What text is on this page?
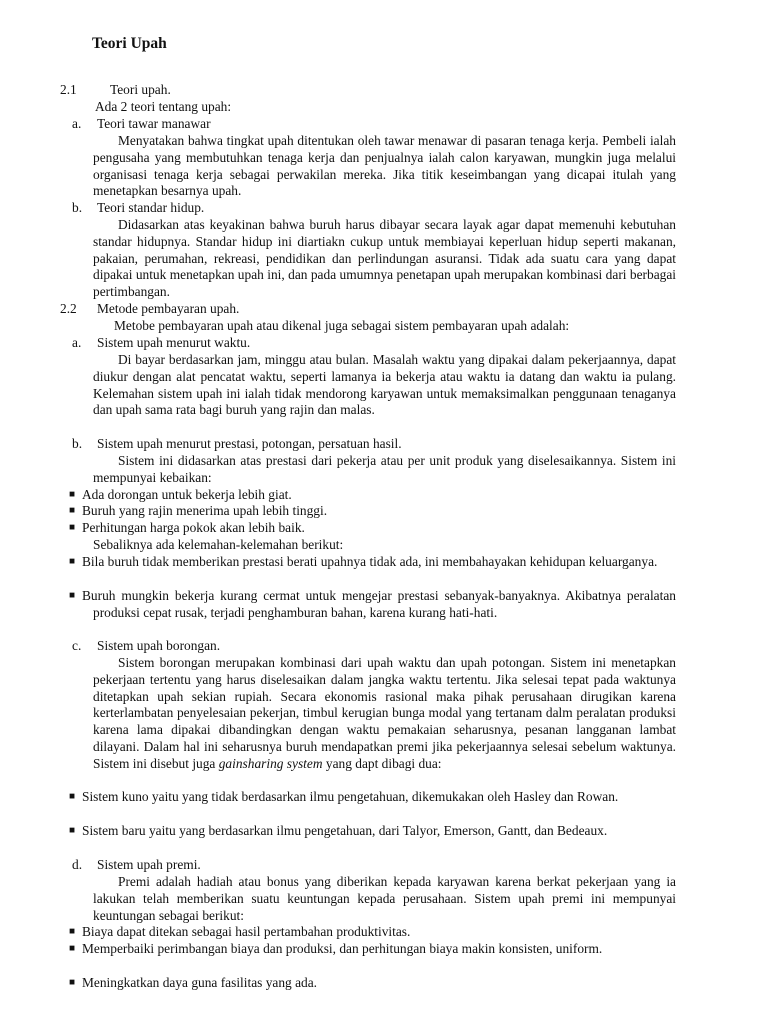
Teori Upah
2.1 Teori upah.
Ada 2 teori tentang upah:
a. Teori tawar manawar
Menyatakan bahwa tingkat upah ditentukan oleh tawar menawar di pasaran tenaga kerja. Pembeli ialah pengusaha yang membutuhkan tenaga kerja dan penjualnya ialah calon karyawan, mungkin juga melalui organisasi tenaga kerja sebagai perwakilan mereka. Jika titik keseimbangan yang dicapai itulah yang menetapkan besarnya upah.
b. Teori standar hidup.
Didasarkan atas keyakinan bahwa buruh harus dibayar secara layak agar dapat memenuhi kebutuhan standar hidupnya. Standar hidup ini diartiakn cukup untuk membiayai keperluan hidup seperti makanan, pakaian, perumahan, rekreasi, pendidikan dan perlindungan asuransi. Tidak ada suatu cara yang dapat dipakai untuk menetapkan upah ini, dan pada umumnya penetapan upah merupakan kombinasi dari berbagai pertimbangan.
2.2 Metode pembayaran upah.
Metobe pembayaran upah atau dikenal juga sebagai sistem pembayaran upah adalah:
a. Sistem upah menurut waktu.
Di bayar berdasarkan jam, minggu atau bulan. Masalah waktu yang dipakai dalam pekerjaannya, dapat diukur dengan alat pencatat waktu, seperti lamanya ia bekerja atau waktu ia datang dan waktu ia pulang. Kelemahan sistem upah ini ialah tidak mendorong karyawan untuk memaksimalkan penggunaan tenaganya dan upah sama rata bagi buruh yang rajin dan malas.
b. Sistem upah menurut prestasi, potongan, persatuan hasil.
Sistem ini didasarkan atas prestasi dari pekerja atau per unit produk yang diselesaikannya. Sistem ini mempunyai kebaikan:
■ Ada dorongan untuk bekerja lebih giat.
■ Buruh yang rajin menerima upah lebih tinggi.
■ Perhitungan harga pokok akan lebih baik.
Sebaliknya ada kelemahan-kelemahan berikut:
■ Bila buruh tidak memberikan prestasi berati upahnya tidak ada, ini membahayakan kehidupan keluarganya.
■ Buruh mungkin bekerja kurang cermat untuk mengejar prestasi sebanyak-banyaknya. Akibatnya peralatan produksi cepat rusak, terjadi penghamburan bahan, karena kurang hati-hati.
c. Sistem upah borongan.

Sistem borongan merupakan kombinasi dari upah waktu dan upah potongan. Sistem ini menetapkan pekerjaan tertentu yang harus diselesaikan dalam jangka waktu tertentu. Jika selesai tepat pada waktunya ditetapkan upah sekian rupiah. Secara ekonomis rasional maka pihak perusahaan dirugikan karena kerterlambatan penyelesaian pekerjan, timbul kerugian bunga modal yang tertanam dalm peralatan produksi karena lama dipakai dibandingkan dengan waktu pemakaian seharusnya, pesanan langganan lambat dilayani. Dalam hal ini seharusnya buruh mendapatkan premi jika pekerjaannya selesai sebelum waktunya. Sistem ini disebut juga gainsharing system yang dapt dibagi dua:

■ Sistem kuno yaitu yang tidak berdasarkan ilmu pengetahuan, dikemukakan oleh Hasley dan Rowan.
■ Sistem baru yaitu yang berdasarkan ilmu pengetahuan, dari Talyor, Emerson, Gantt, dan Bedeaux.
d. Sistem upah premi.
Premi adalah hadiah atau bonus yang diberikan kepada karyawan karena berkat pekerjaan yang ia lakukan telah memberikan suatu keuntungan kepada perusahaan. Sistem upah premi ini mempunyai keuntungan sebagai berikut:
■ Biaya dapat ditekan sebagai hasil pertambahan produktivitas.
■ Memperbaiki perimbangan biaya dan produksi, dan perhitungan biaya makin konsisten, uniform.
■ Meningkatkan daya guna fasilitas yang ada.
